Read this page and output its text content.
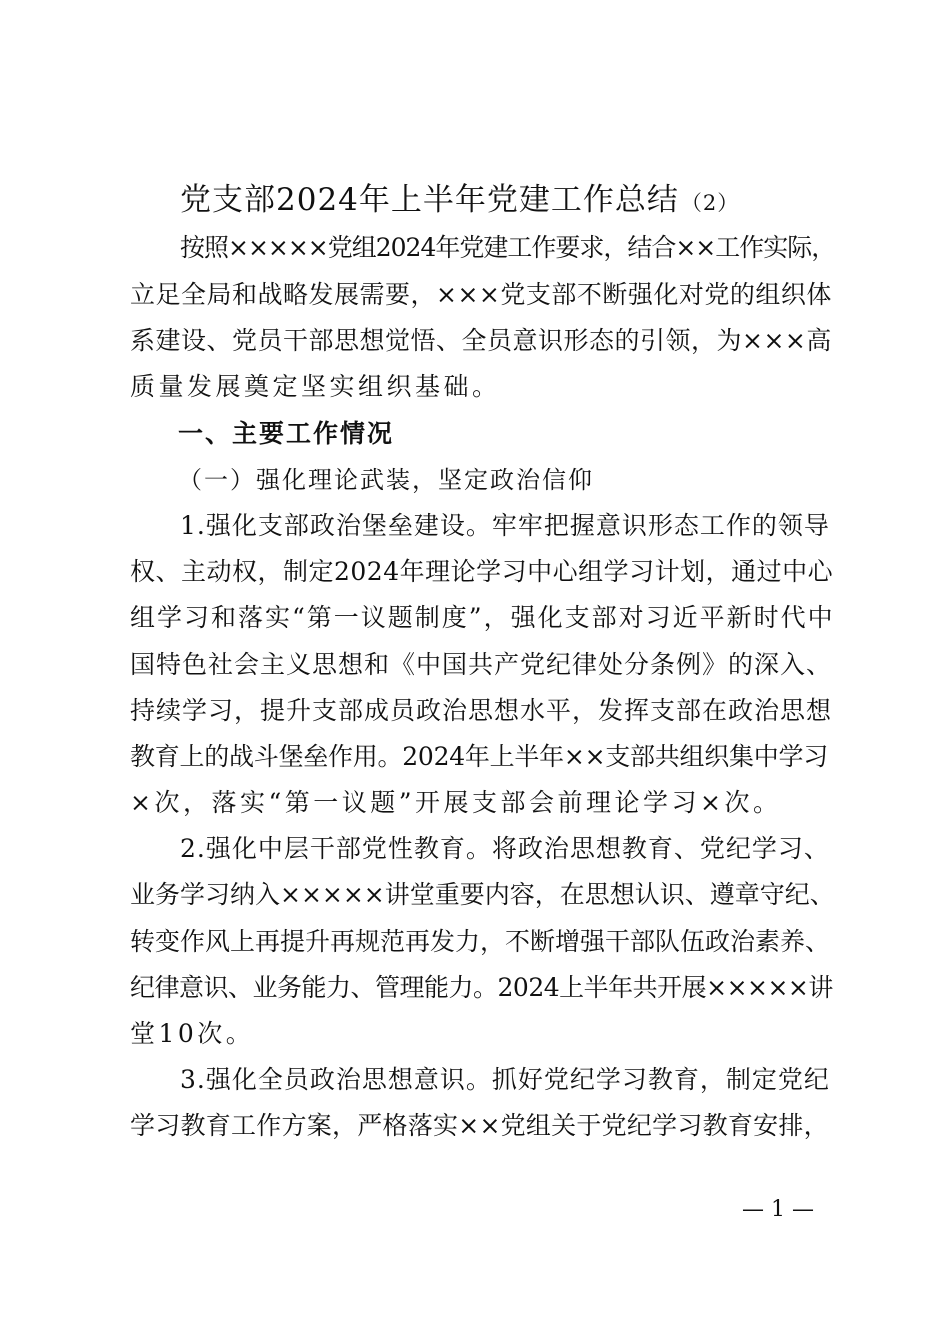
党支部2024年上半年党建工作总结（2）
按照×××××党组2024年党建工作要求，结合××工作实际，
立足全局和战略发展需要，×××党支部不断强化对党的组织体
系建设、党员干部思想觉悟、全员意识形态的引领，为×××高
质量发展奠定坚实组织基础。
一、主要工作情况
（一）强化理论武装，坚定政治信仰
1.强化支部政治堡垒建设。牢牢把握意识形态工作的领导
权、主动权，制定2024年理论学习中心组学习计划，通过中心
组学习和落实“第一议题制度”，强化支部对习近平新时代中
国特色社会主义思想和《中国共产党纪律处分条例》的深入、
持续学习，提升支部成员政治思想水平，发挥支部在政治思想
教育上的战斗堡垒作用。2024年上半年××支部共组织集中学习
×次，落实“第一议题”开展支部会前理论学习×次。
2.强化中层干部党性教育。将政治思想教育、党纪学习、
业务学习纳入×××××讲堂重要内容，在思想认识、遵章守纪、
转变作风上再提升再规范再发力，不断增强干部队伍政治素养、
纪律意识、业务能力、管理能力。2024上半年共开展×××××讲
堂10次。
3.强化全员政治思想意识。抓好党纪学习教育，制定党纪
学习教育工作方案，严格落实××党组关于党纪学习教育安排，
— 1 —
